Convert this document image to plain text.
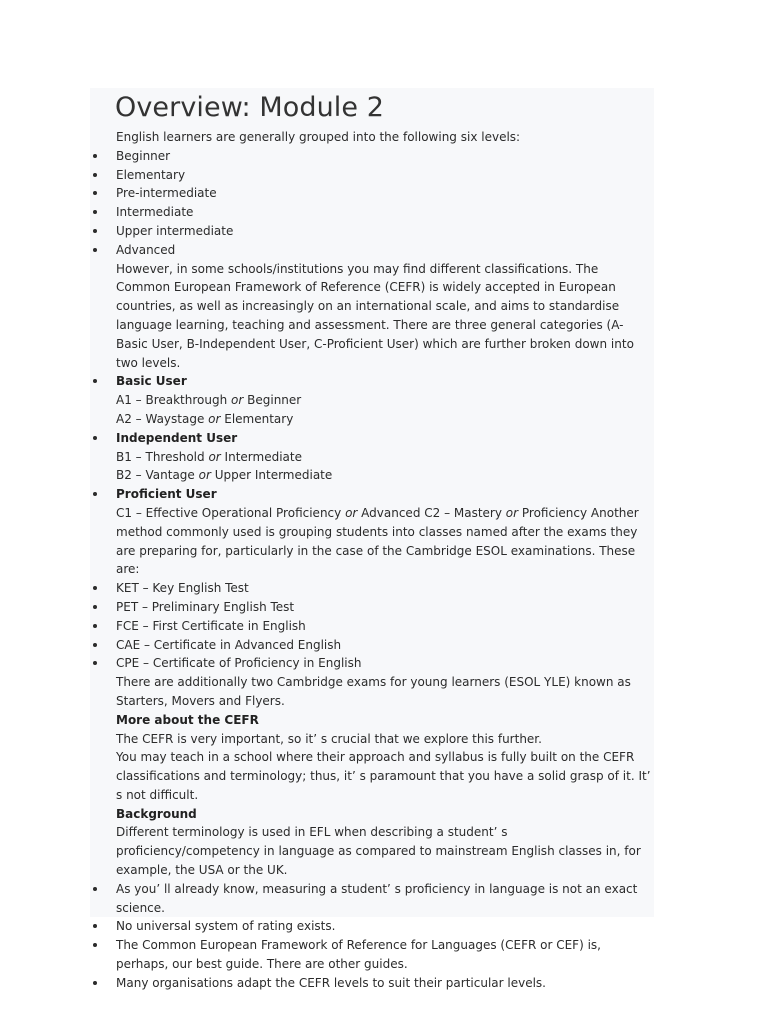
Overview: Module 2

English learners are generally grouped into the following six levels:

Beginner
Elementary
Pre-intermediate
Intermediate
Upper intermediate
Advanced

However, in some schools/institutions you may find different classifications. The Common European Framework of Reference (CEFR) is widely accepted in European countries, as well as increasingly on an international scale, and aims to standardise language learning, teaching and assessment. There are three general categories (A-Basic User, B-Independent User, C-Proficient User) which are further broken down into two levels.

Basic User

A1 – Breakthrough or Beginner

A2 – Waystage or Elementary

Independent User

B1 – Threshold or Intermediate

B2 – Vantage or Upper Intermediate

Proficient User

C1 – Effective Operational Proficiency or Advanced C2 – Mastery or Proficiency Another method commonly used is grouping students into classes named after the exams they are preparing for, particularly in the case of the Cambridge ESOL examinations. These are:

KET – Key English Test
PET – Preliminary English Test
FCE – First Certificate in English
CAE – Certificate in Advanced English
CPE – Certificate of Proficiency in English

There are additionally two Cambridge exams for young learners (ESOL YLE) known as Starters, Movers and Flyers.

More about the CEFR

The CEFR is very important, so it’ s crucial that we explore this further.

You may teach in a school where their approach and syllabus is fully built on the CEFR classifications and terminology; thus, it’ s paramount that you have a solid grasp of it. It’ s not difficult.

Background

Different terminology is used in EFL when describing a student’ s proficiency/competency in language as compared to mainstream English classes in, for example, the USA or the UK.

As you’ ll already know, measuring a student’ s proficiency in language is not an exact science.
No universal system of rating exists.
The Common European Framework of Reference for Languages (CEFR or CEF) is, perhaps, our best guide. There are other guides.
Many organisations adapt the CEFR levels to suit their particular levels.
